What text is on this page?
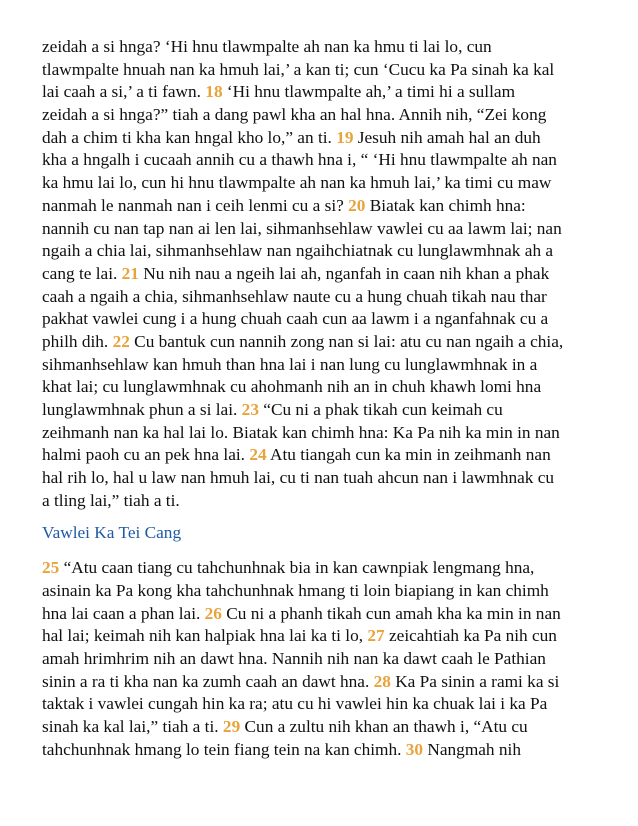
zeidah a si hnga? ‘Hi hnu tlawmpalte ah nan ka hmu ti lai lo, cun
tlawmpalte hnuah nan ka hmuh lai,’ a kan ti; cun ‘Cucu ka Pa sinah ka kal
lai caah a si,’ a ti fawn. 18 ‘Hi hnu tlawmpalte ah,’ a timi hi a sullam
zeidah a si hnga?” tiah a dang pawl kha an hal hna. Annih nih, “Zei kong
dah a chim ti kha kan hngal kho lo,” an ti. 19 Jesuh nih amah hal an duh
kha a hngalh i cucaah annih cu a thawh hna i, “ ‘Hi hnu tlawmpalte ah nan
ka hmu lai lo, cun hi hnu tlawmpalte ah nan ka hmuh lai,’ ka timi cu maw
nanmah le nanmah nan i ceih lenmi cu a si? 20 Biatak kan chimh hna:
nannih cu nan tap nan ai len lai, sihmanhsehlaw vawlei cu aa lawm lai; nan
ngaih a chia lai, sihmanhsehlaw nan ngaihchiatnak cu lunglawmhnak ah a
cang te lai. 21 Nu nih nau a ngeih lai ah, nganfah in caan nih khan a phak
caah a ngaih a chia, sihmanhsehlaw naute cu a hung chuah tikah nau thar
pakhat vawlei cung i a hung chuah caah cun aa lawm i a nganfahnak cu a
philh dih. 22 Cu bantuk cun nannih zong nan si lai: atu cu nan ngaih a chia,
sihmanhsehlaw kan hmuh than hna lai i nan lung cu lunglawmhnak in a
khat lai; cu lunglawmhnak cu ahohmanh nih an in chuh khawh lomi hna
lunglawmhnak phun a si lai. 23 “Cu ni a phak tikah cun keimah cu
zeihmanh nan ka hal lai lo. Biatak kan chimh hna: Ka Pa nih ka min in nan
halmi paoh cu an pek hna lai. 24 Atu tiangah cun ka min in zeihmanh nan
hal rih lo, hal u law nan hmuh lai, cu ti nan tuah ahcun nan i lawmhnak cu
a tling lai,” tiah a ti.
Vawlei Ka Tei Cang
25 “Atu caan tiang cu tahchunhnak bia in kan cawnpiak lengmang hna,
asinain ka Pa kong kha tahchunhnak hmang ti loin biapiang in kan chimh
hna lai caan a phan lai. 26 Cu ni a phanh tikah cun amah kha ka min in nan
hal lai; keimah nih kan halpiak hna lai ka ti lo, 27 zeicahtiah ka Pa nih cun
amah hrimhrim nih an dawt hna. Nannih nih nan ka dawt caah le Pathian
sinin a ra ti kha nan ka zumh caah an dawt hna. 28 Ka Pa sinin a rami ka si
taktak i vawlei cungah hin ka ra; atu cu hi vawlei hin ka chuak lai i ka Pa
sinah ka kal lai,” tiah a ti. 29 Cun a zultu nih khan an thawh i, “Atu cu
tahchunhnak hmang lo tein fiang tein na kan chimh. 30 Nangmah nih
